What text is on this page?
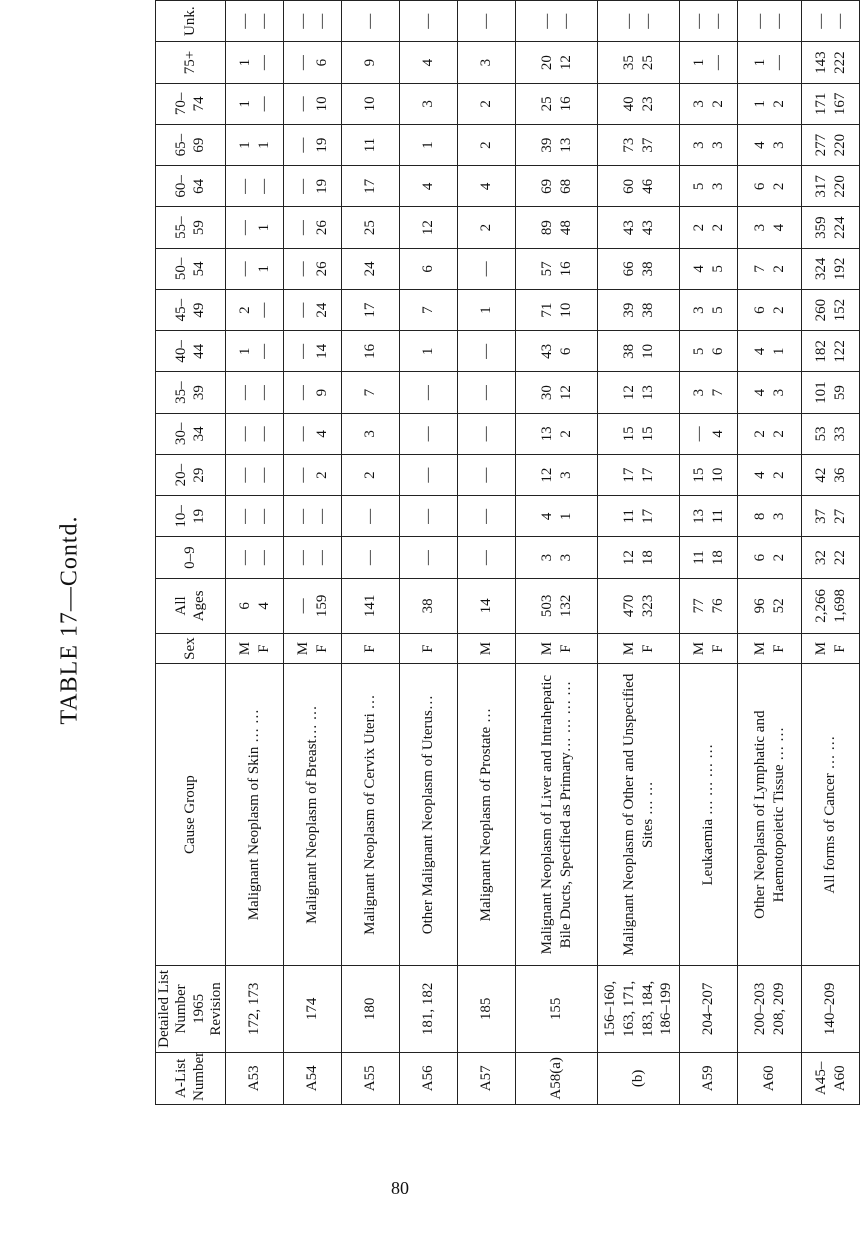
TABLE 17—Contd.
A-List Number	Detailed List Number 1965 Revision	Cause Group	Sex	All Ages	0–9	10– 19	20– 29	30– 34	35– 39	40– 44	45– 49	50– 54	55– 59	60– 64	65– 69	70– 74	75+	Unk.
A53	172, 173	Malignant Neoplasm of Skin … …	M F	6 4	— —	— —	— —	— —	— —	1 —	2 —	— 1	— 1	— —	1 1	1 —	1 —	— —

A54	174	Malignant Neoplasm of Breast… …	M F	— 159	— —	— —	— 2	— 4	— 9	— 14	— 24	— 26	— 26	— 19	— 19	— 10	— 6	— —

A55	180	Malignant Neoplasm of Cervix Uteri …	F	141	—	—	2	3	7	16	17	24	25	17	11	10	9	—

A56	181, 182	Other Malignant Neoplasm of Uterus…	F	38	—	—	—	—	—	1	7	6	12	4	1	3	4	—

A57	185	Malignant Neoplasm of Prostate …	M	14	—	—	—	—	—	—	1	—	2	4	2	2	3	—

A58(a)	155	Malignant Neoplasm of Liver and Intrahepatic Bile Ducts, Specified as Primary… … … …	M F	503 132	3 3	4 1	12 3	13 2	30 12	43 6	71 10	57 16	89 48	69 68	39 13	25 16	20 12	— —

(b)	156–160, 163, 171, 183, 184, 186–199	Malignant Neoplasm of Other and Unspecified Sites … …	M F	470 323	12 18	11 17	17 17	15 15	12 13	38 10	39 38	66 38	43 43	60 46	73 37	40 23	35 25	— —

A59	204–207	Leukaemia … … … …	M F	77 76	11 18	13 11	15 10	— 4	3 7	5 6	3 5	4 5	2 2	5 3	3 3	3 2	1 —	— —

A60	200–203 208, 209	Other Neoplasm of Lymphatic and Haemotopoietic Tissue … …	M F	96 52	6 2	8 3	4 2	2 2	4 3	4 1	6 2	7 2	3 4	6 2	4 3	1 2	1 —	— —

A45– A60	140–209	All forms of Cancer … …	M F	2,266 1,698	32 22	37 27	42 36	53 33	101 59	182 122	260 152	324 192	359 224	317 220	277 220	171 167	143 222	— —
80
